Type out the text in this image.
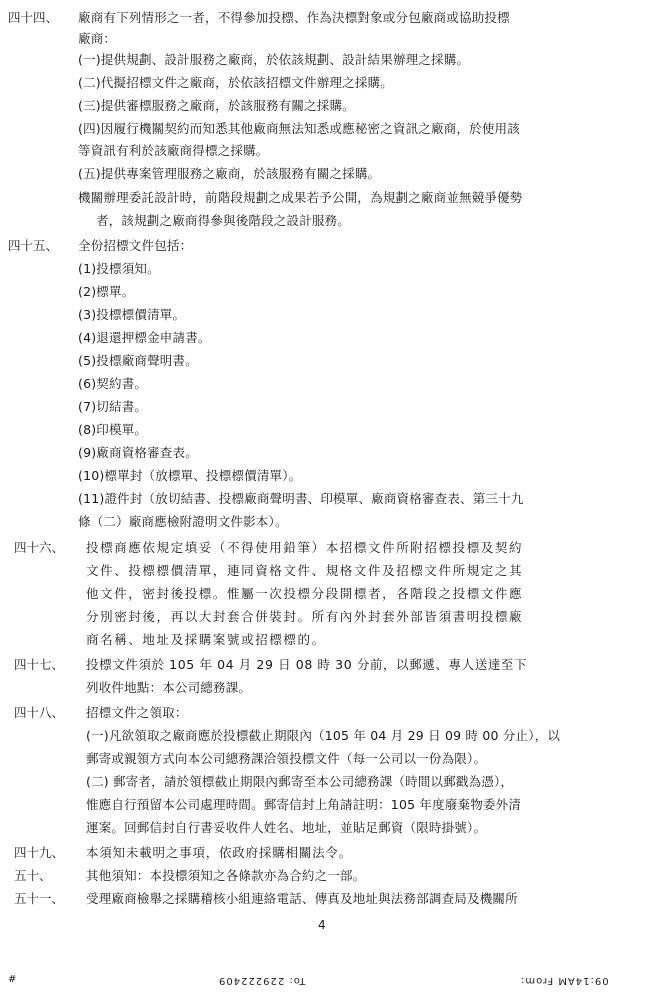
四十四、 廠商有下列情形之一者，不得參加投標、作為決標對象或分包廠商或協助投標
廠商：
(一)提供規劃、設計服務之廠商，於依該規劃、設計結果辦理之採購。
(二)代擬招標文件之廠商，於依該招標文件辦理之採購。
(三)提供審標服務之廠商，於該服務有關之採購。
(四)因履行機關契約而知悉其他廠商無法知悉或應秘密之資訊之廠商，於使用該
等資訊有利於該廠商得標之採購。
(五)提供專案管理服務之廠商，於該服務有關之採購。
機關辦理委託設計時，前階段規劃之成果若予公開，為規劃之廠商並無競爭優勢
者，該規劃之廠商得參與後階段之設計服務。
四十五、 全份招標文件包括：
(1)投標須知。
(2)標單。
(3)投標標價清單。
(4)退還押標金申請書。
(5)投標廠商聲明書。
(6)契約書。
(7)切結書。
(8)印模單。
(9)廠商資格審查表。
(10)標單封（放標單、投標標價清單）。
(11)證件封（放切結書、投標廠商聲明書、印模單、廠商資格審查表、第三十九
條（二）廠商應檢附證明文件影本）。
四十六、 投標商應依規定填妥（不得使用鉛筆）本招標文件所附招標投標及契約
文件、投標標價清單，連同資格文件、規格文件及招標文件所規定之其
他文件，密封後投標。惟屬一次投標分段開標者，各階段之投標文件應
分別密封後，再以大封套合併裝封。所有內外封套外部皆須書明投標廠
商名稱、地址及採購案號或招標標的。
四十七、 投標文件須於 105 年 04 月 29 日 08 時 30 分前，以郵遞、專人送達至下
列收件地點：本公司總務課。
四十八、 招標文件之領取：
(一)凡欲領取之廠商應於投標截止期限內（105 年 04 月 29 日 09 時 00 分止），以
郵寄或親領方式向本公司總務課洽領投標文件（每一公司以一份為限）。
(二) 郵寄者，請於領標截止期限內郵寄至本公司總務課（時間以郵戳為憑），
惟應自行預留本公司處理時間。郵寄信封上角請註明：105 年度廢棄物委外清
運案。回郵信封自行書妥收件人姓名、地址，並貼足郵資（限時掛號）。
四十九、 本須知未載明之事項，依政府採購相關法令。
五十、	其他須知：本投標須知之各條款亦為合約之一部。
五十一、 受理廠商檢舉之採購稽核小組連絡電話、傳真及地址與法務部調查局及機關所
4
#	To: 229222409	09:14AM From:
